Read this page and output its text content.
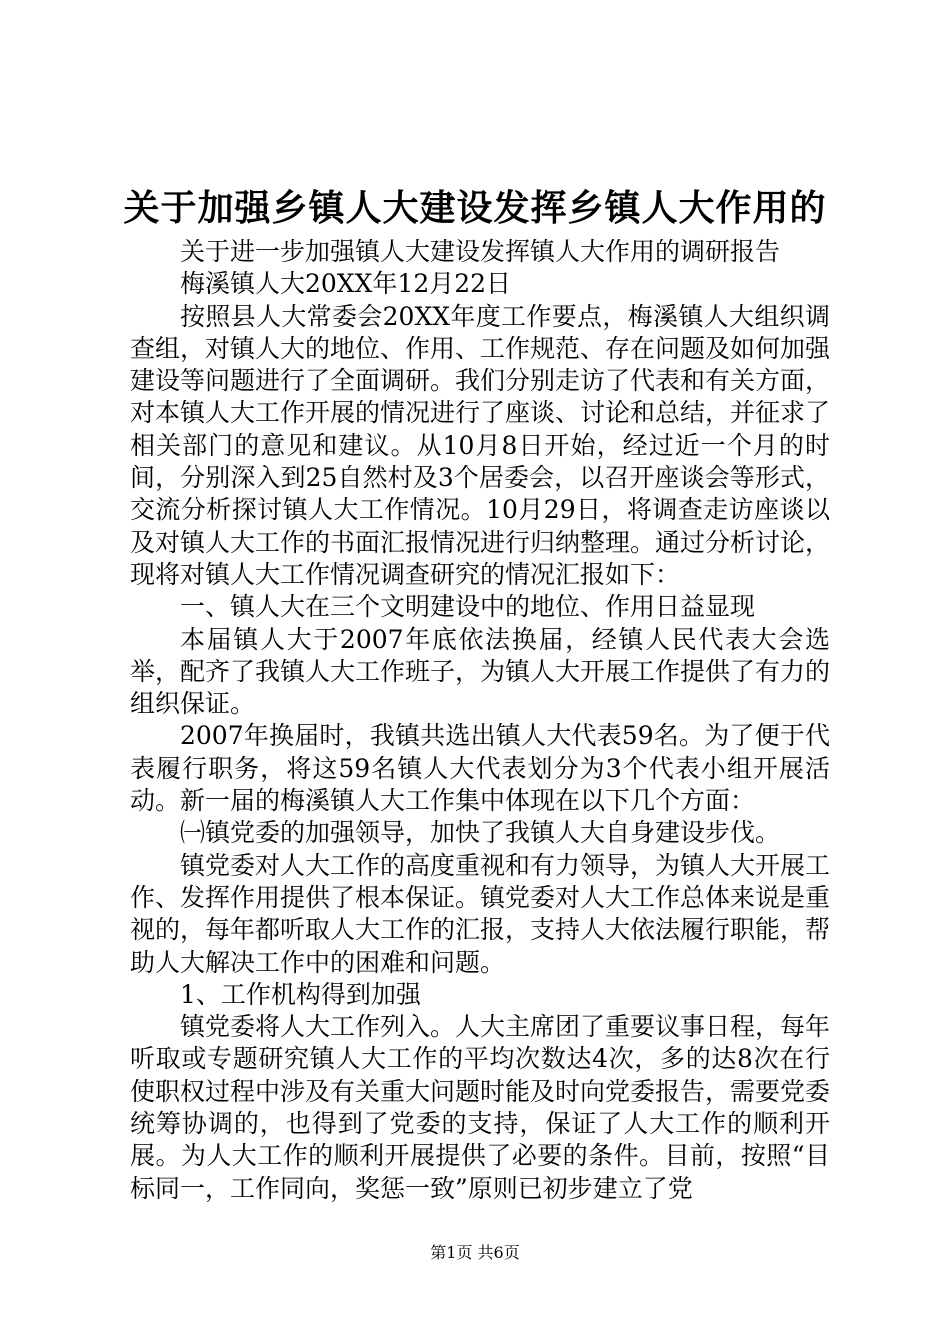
关于加强乡镇人大建设发挥乡镇人大作用的

关于进一步加强镇人大建设发挥镇人大作用的调研报告

梅溪镇人大20XX年12月22日

按照县人大常委会20XX年度工作要点，梅溪镇人大组织调查组，对镇人大的地位、作用、工作规范、存在问题及如何加强建设等问题进行了全面调研。我们分别走访了代表和有关方面，对本镇人大工作开展的情况进行了座谈、讨论和总结，并征求了相关部门的意见和建议。从10月8日开始，经过近一个月的时间，分别深入到25自然村及3个居委会，以召开座谈会等形式，交流分析探讨镇人大工作情况。10月29日，将调查走访座谈以及对镇人大工作的书面汇报情况进行归纳整理。通过分析讨论，现将对镇人大工作情况调查研究的情况汇报如下：

一、镇人大在三个文明建设中的地位、作用日益显现

本届镇人大于2007年底依法换届，经镇人民代表大会选举，配齐了我镇人大工作班子，为镇人大开展工作提供了有力的组织保证。

2007年换届时，我镇共选出镇人大代表59名。为了便于代表履行职务，将这59名镇人大代表划分为3个代表小组开展活动。新一届的梅溪镇人大工作集中体现在以下几个方面：

㈠镇党委的加强领导，加快了我镇人大自身建设步伐。

镇党委对人大工作的高度重视和有力领导，为镇人大开展工作、发挥作用提供了根本保证。镇党委对人大工作总体来说是重视的，每年都听取人大工作的汇报，支持人大依法履行职能，帮助人大解决工作中的困难和问题。

1、工作机构得到加强

镇党委将人大工作列入。人大主席团了重要议事日程，每年听取或专题研究镇人大工作的平均次数达4次，多的达8次在行使职权过程中涉及有关重大问题时能及时向党委报告，需要党委统筹协调的，也得到了党委的支持，保证了人大工作的顺利开展。为人大工作的顺利开展提供了必要的条件。目前，按照“目标同一，工作同向，奖惩一致”原则已初步建立了党

第1页 共6页
